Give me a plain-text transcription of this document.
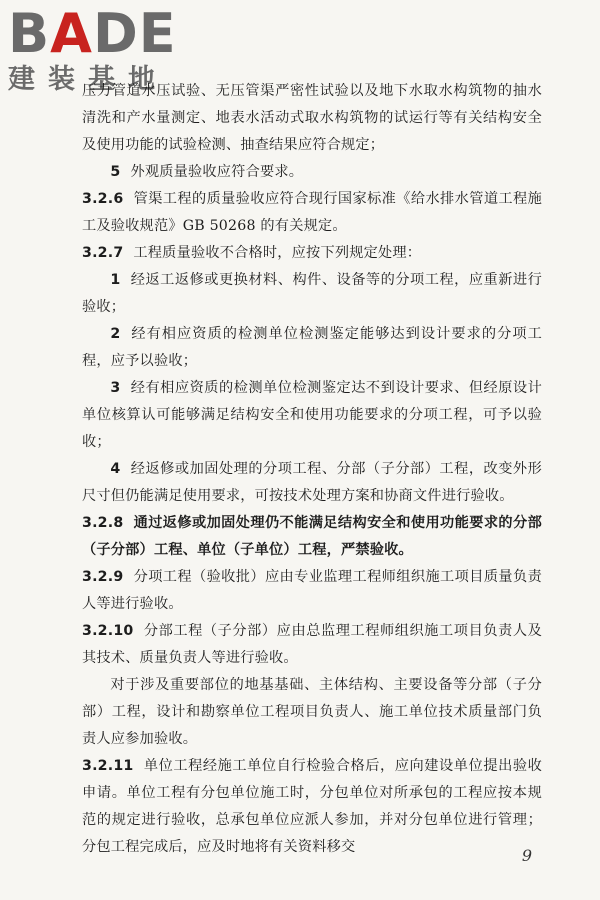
BADE
建装基地

压力管道水压试验、无压管渠严密性试验以及地下水取水构筑物的抽水清洗和产水量测定、地表水活动式取水构筑物的试运行等有关结构安全及使用功能的试验检测、抽查结果应符合规定；

5 外观质量验收应符合要求。

3.2.6 管渠工程的质量验收应符合现行国家标准《给水排水管道工程施工及验收规范》GB 50268 的有关规定。

3.2.7 工程质量验收不合格时，应按下列规定处理：

1 经返工返修或更换材料、构件、设备等的分项工程，应重新进行验收；

2 经有相应资质的检测单位检测鉴定能够达到设计要求的分项工程，应予以验收；

3 经有相应资质的检测单位检测鉴定达不到设计要求、但经原设计单位核算认可能够满足结构安全和使用功能要求的分项工程，可予以验收；

4 经返修或加固处理的分项工程、分部（子分部）工程，改变外形尺寸但仍能满足使用要求，可按技术处理方案和协商文件进行验收。

3.2.8 通过返修或加固处理仍不能满足结构安全和使用功能要求的分部（子分部）工程、单位（子单位）工程，严禁验收。

3.2.9 分项工程（验收批）应由专业监理工程师组织施工项目质量负责人等进行验收。

3.2.10 分部工程（子分部）应由总监理工程师组织施工项目负责人及其技术、质量负责人等进行验收。

对于涉及重要部位的地基基础、主体结构、主要设备等分部（子分部）工程，设计和勘察单位工程项目负责人、施工单位技术质量部门负责人应参加验收。

3.2.11 单位工程经施工单位自行检验合格后，应向建设单位提出验收申请。单位工程有分包单位施工时，分包单位对所承包的工程应按本规范的规定进行验收，总承包单位应派人参加，并对分包单位进行管理；分包工程完成后，应及时地将有关资料移交	9
